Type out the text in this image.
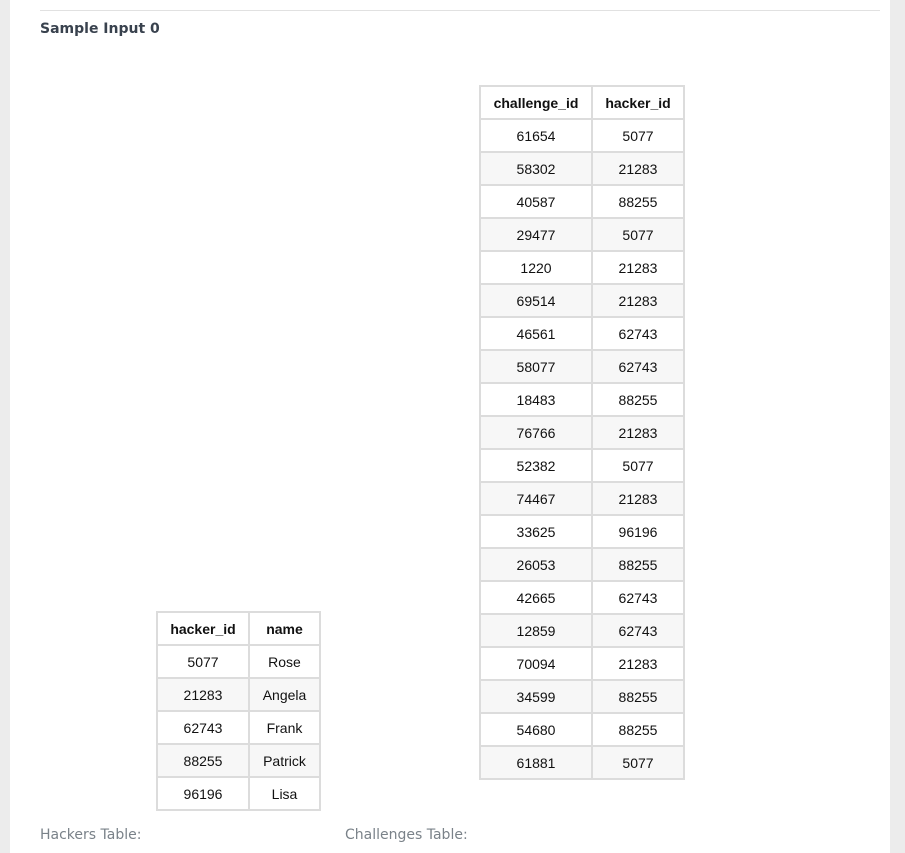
Sample Input 0
hacker_id	name
5077	Rose
21283	Angela
62743	Frank
88255	Patrick
96196	Lisa
challenge_id	hacker_id
61654	5077
58302	21283
40587	88255
29477	5077
1220	21283
69514	21283
46561	62743
58077	62743
18483	88255
76766	21283
52382	5077
74467	21283
33625	96196
26053	88255
42665	62743
12859	62743
70094	21283
34599	88255
54680	88255
61881	5077
Hackers Table:	Challenges Table:
